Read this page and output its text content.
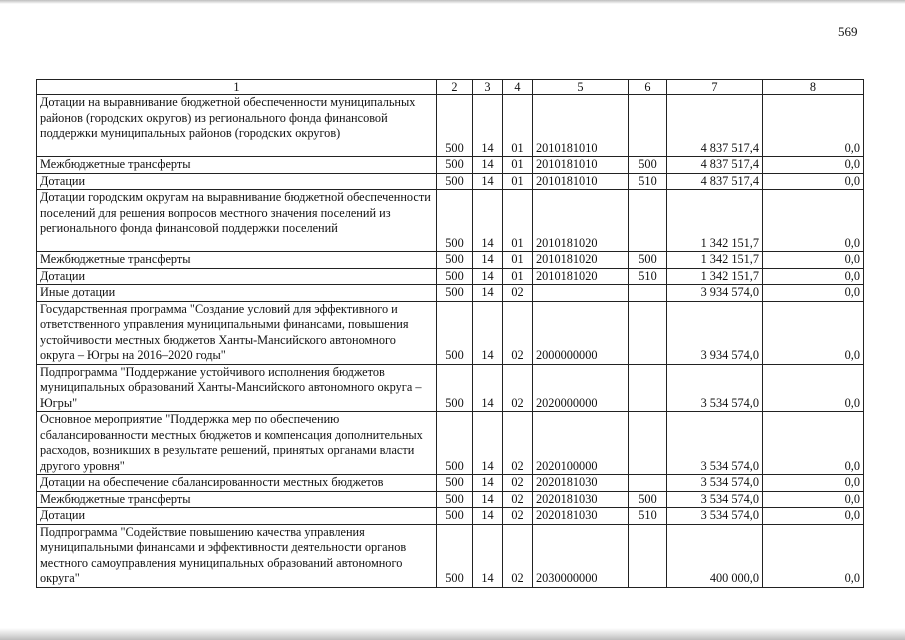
569
1	2	3	4	5	6	7	8
Дотации на выравнивание бюджетной обеспеченности муниципальных районов (городских округов) из регионального фонда финансовой поддержки муниципальных районов (городских округов)	500	14	01	2010181010		4 837 517,4	0,0
Межбюджетные трансферты	500	14	01	2010181010	500	4 837 517,4	0,0
Дотации	500	14	01	2010181010	510	4 837 517,4	0,0
Дотации городским округам на выравнивание бюджетной обеспеченности поселений для решения вопросов местного значения поселений из регионального фонда финансовой поддержки поселений	500	14	01	2010181020		1 342 151,7	0,0
Межбюджетные трансферты	500	14	01	2010181020	500	1 342 151,7	0,0
Дотации	500	14	01	2010181020	510	1 342 151,7	0,0
Иные дотации	500	14	02			3 934 574,0	0,0
Государственная программа "Создание условий для эффективного и ответственного управления муниципальными финансами, повышения устойчивости местных бюджетов Ханты-Мансийского автономного округа – Югры на 2016–2020 годы"	500	14	02	2000000000		3 934 574,0	0,0
Подпрограмма "Поддержание устойчивого исполнения бюджетов муниципальных образований Ханты-Мансийского автономного округа – Югры"	500	14	02	2020000000		3 534 574,0	0,0
Основное мероприятие "Поддержка мер по обеспечению сбалансированности местных бюджетов и компенсация дополнительных расходов, возникших в результате решений, принятых органами власти другого уровня"	500	14	02	2020100000		3 534 574,0	0,0
Дотации на обеспечение сбалансированности местных бюджетов	500	14	02	2020181030		3 534 574,0	0,0
Межбюджетные трансферты	500	14	02	2020181030	500	3 534 574,0	0,0
Дотации	500	14	02	2020181030	510	3 534 574,0	0,0
Подпрограмма "Содействие повышению качества управления муниципальными финансами и эффективности деятельности органов местного самоуправления муниципальных образований автономного округа"	500	14	02	2030000000		400 000,0	0,0
